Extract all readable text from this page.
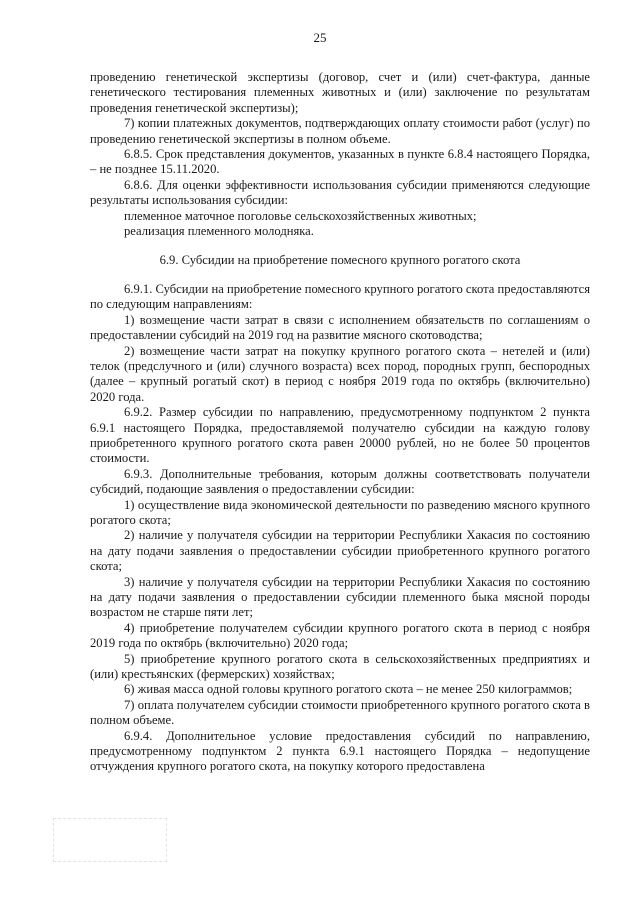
25

проведению генетической экспертизы (договор, счет и (или) счет-фактура, данные генетического тестирования племенных животных и (или) заключение по результатам проведения генетической экспертизы);

7) копии платежных документов, подтверждающих оплату стоимости работ (услуг) по проведению генетической экспертизы в полном объеме.

6.8.5. Срок представления документов, указанных в пункте 6.8.4 настоящего Порядка, – не позднее 15.11.2020.

6.8.6. Для оценки эффективности использования субсидии применяются следующие результаты использования субсидии:

племенное маточное поголовье сельскохозяйственных животных;

реализация племенного молодняка.

6.9. Субсидии на приобретение помесного крупного рогатого скота

6.9.1. Субсидии на приобретение помесного крупного рогатого скота предоставляются по следующим направлениям:

1) возмещение части затрат в связи с исполнением обязательств по соглашениям о предоставлении субсидий на 2019 год на развитие мясного скотоводства;

2) возмещение части затрат на покупку крупного рогатого скота – нетелей и (или) телок (предслучного и (или) случного возраста) всех пород, породных групп, беспородных (далее – крупный рогатый скот) в период с ноября 2019 года по октябрь (включительно) 2020 года.

6.9.2. Размер субсидии по направлению, предусмотренному подпунктом 2 пункта 6.9.1 настоящего Порядка, предоставляемой получателю субсидии на каждую голову приобретенного крупного рогатого скота равен 20000 рублей, но не более 50 процентов стоимости.

6.9.3. Дополнительные требования, которым должны соответствовать получатели субсидий, подающие заявления о предоставлении субсидии:

1) осуществление вида экономической деятельности по разведению мясного крупного рогатого скота;

2) наличие у получателя субсидии на территории Республики Хакасия по состоянию на дату подачи заявления о предоставлении субсидии приобретенного крупного рогатого скота;

3) наличие у получателя субсидии на территории Республики Хакасия по состоянию на дату подачи заявления о предоставлении субсидии племенного быка мясной породы возрастом не старше пяти лет;

4) приобретение получателем субсидии крупного рогатого скота в период с ноября 2019 года по октябрь (включительно) 2020 года;

5) приобретение крупного рогатого скота в сельскохозяйственных предприятиях и (или) крестьянских (фермерских) хозяйствах;

6) живая масса одной головы крупного рогатого скота – не менее 250 килограммов;

7) оплата получателем субсидии стоимости приобретенного крупного рогатого скота в полном объеме.

6.9.4. Дополнительное условие предоставления субсидий по направлению, предусмотренному подпунктом 2 пункта 6.9.1 настоящего Порядка – недопущение отчуждения крупного рогатого скота, на покупку которого предоставлена
